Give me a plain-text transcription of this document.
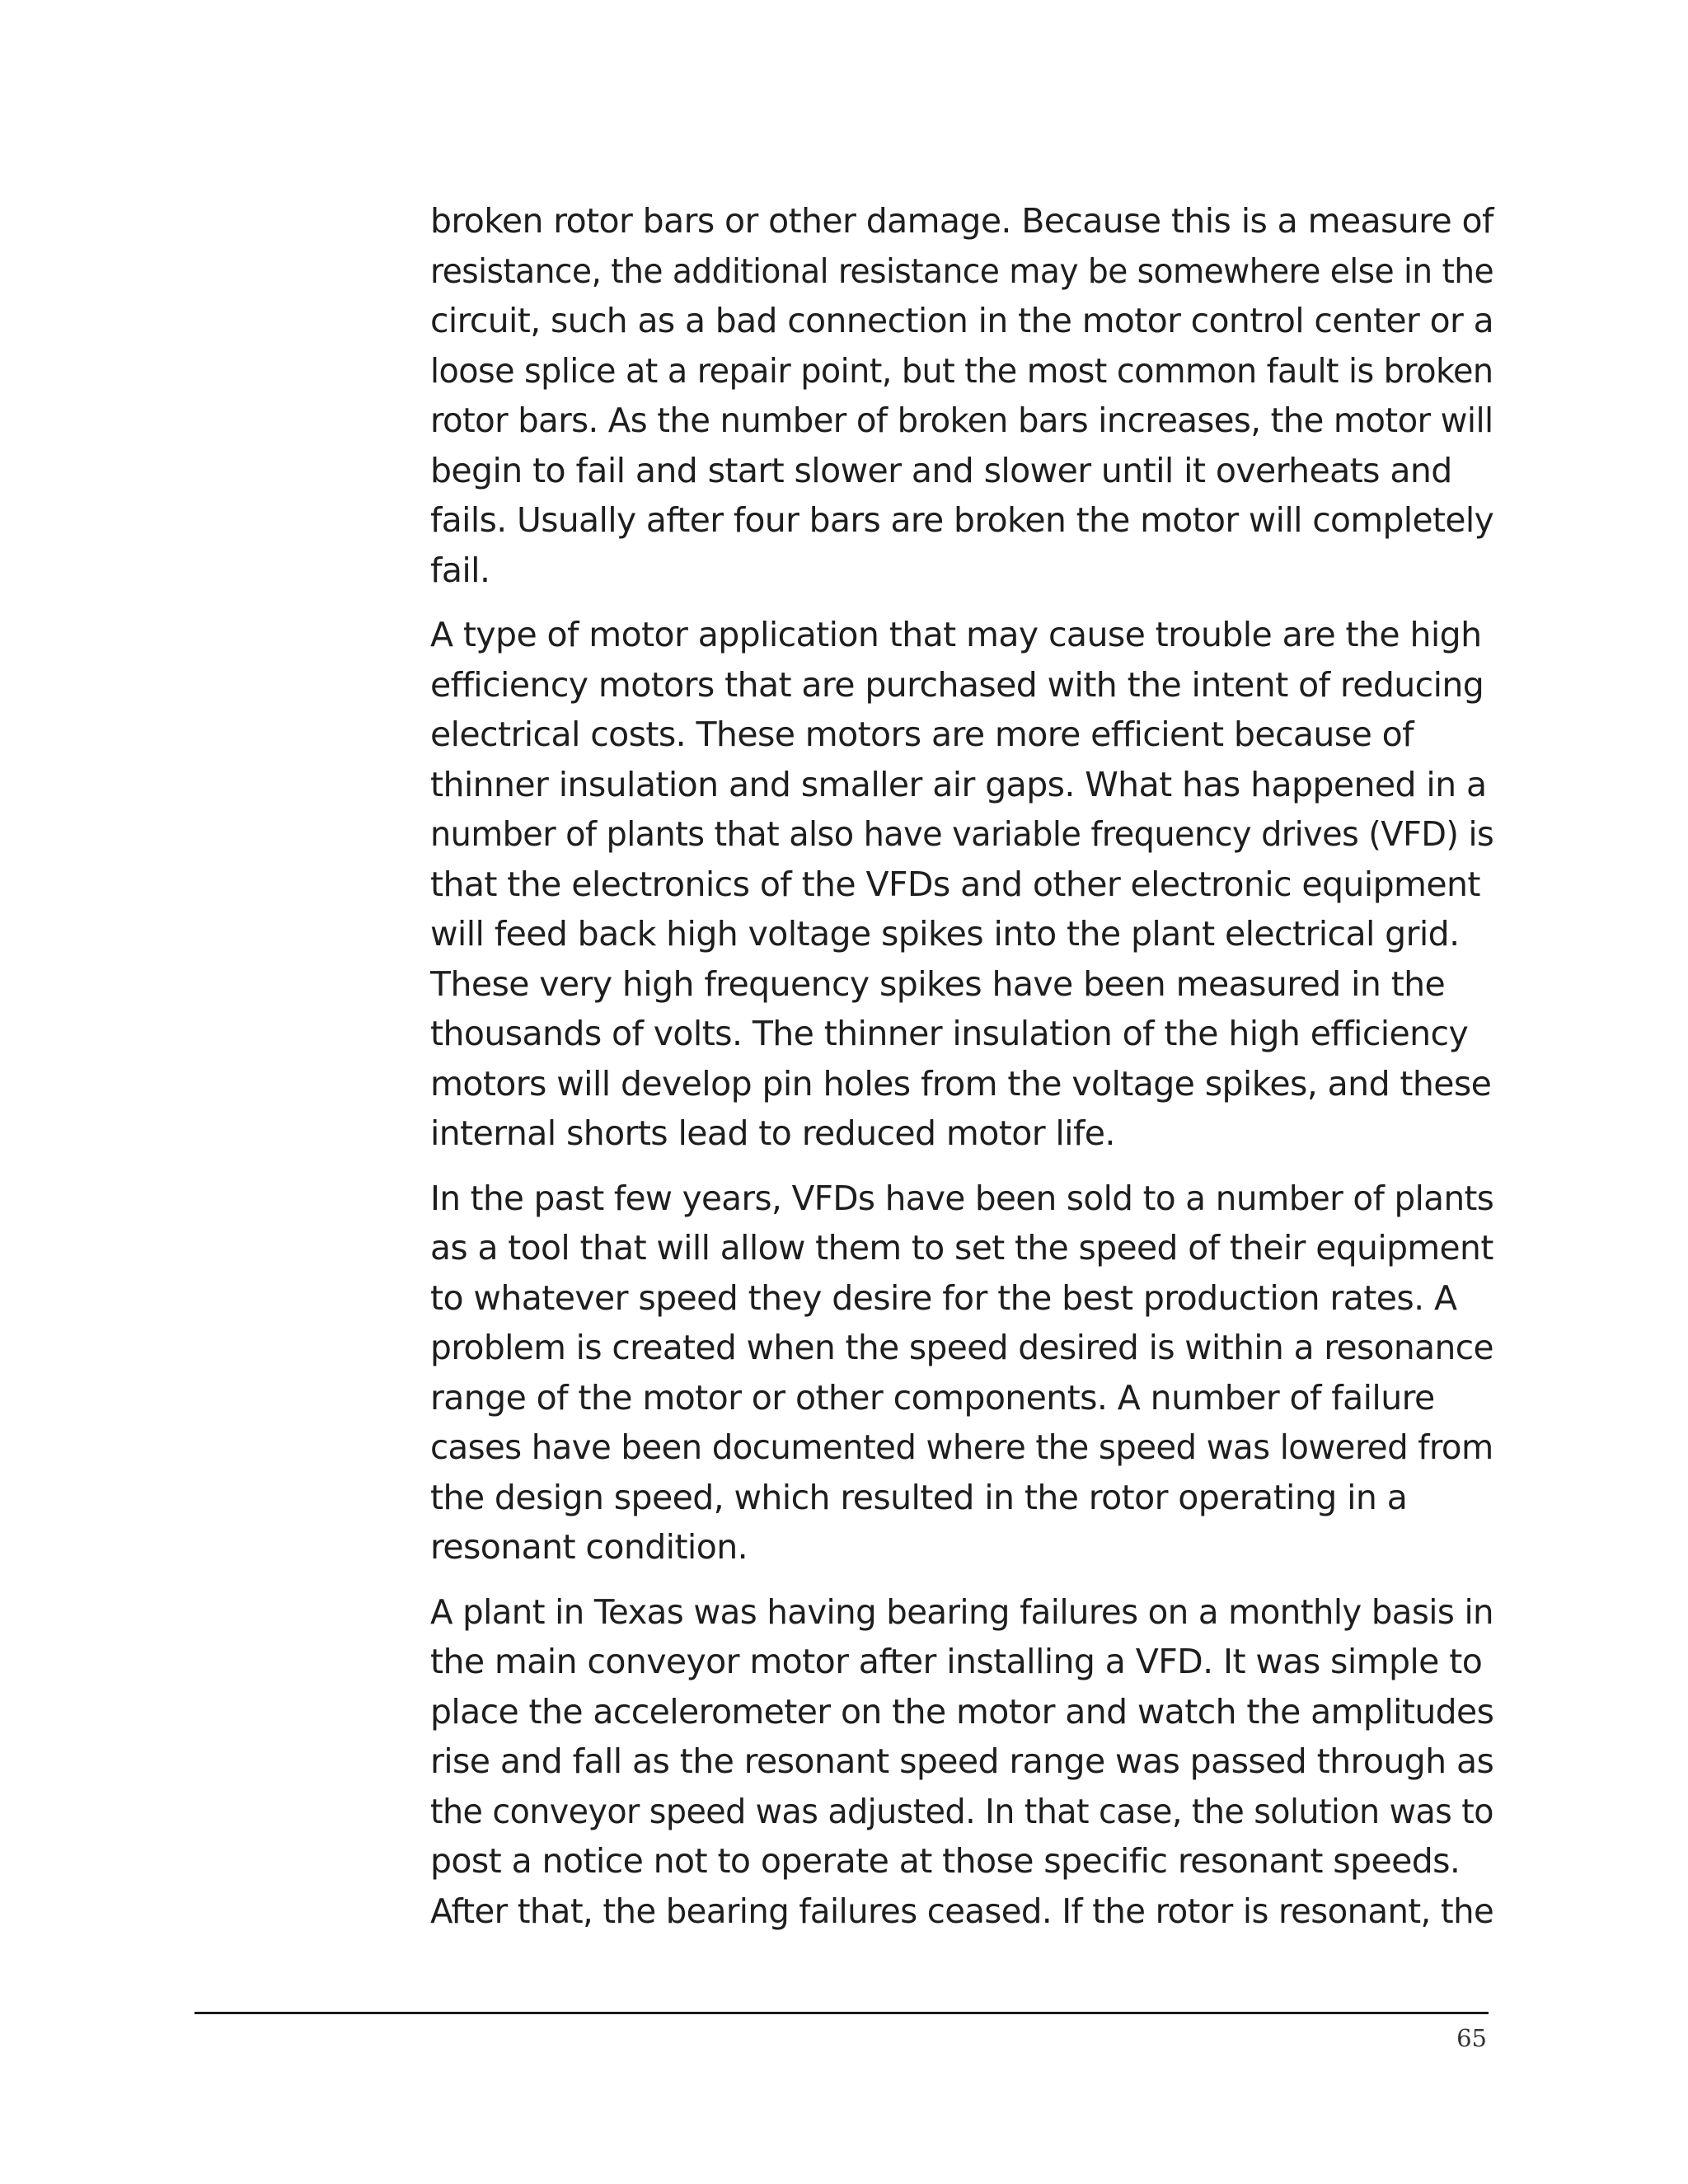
broken rotor bars or other damage. Because this is a measure of
resistance, the additional resistance may be somewhere else in the
circuit, such as a bad connection in the motor control center or a
loose splice at a repair point, but the most common fault is broken
rotor bars. As the number of broken bars increases, the motor will
begin to fail and start slower and slower until it overheats and
fails. Usually after four bars are broken the motor will completely
fail.

A type of motor application that may cause trouble are the high
efficiency motors that are purchased with the intent of reducing
electrical costs. These motors are more efficient because of
thinner insulation and smaller air gaps. What has happened in a
number of plants that also have variable frequency drives (VFD) is
that the electronics of the VFDs and other electronic equipment
will feed back high voltage spikes into the plant electrical grid.
These very high frequency spikes have been measured in the
thousands of volts. The thinner insulation of the high efficiency
motors will develop pin holes from the voltage spikes, and these
internal shorts lead to reduced motor life.

In the past few years, VFDs have been sold to a number of plants
as a tool that will allow them to set the speed of their equipment
to whatever speed they desire for the best production rates. A
problem is created when the speed desired is within a resonance
range of the motor or other components. A number of failure
cases have been documented where the speed was lowered from
the design speed, which resulted in the rotor operating in a
resonant condition.

A plant in Texas was having bearing failures on a monthly basis in
the main conveyor motor after installing a VFD. It was simple to
place the accelerometer on the motor and watch the amplitudes
rise and fall as the resonant speed range was passed through as
the conveyor speed was adjusted. In that case, the solution was to
post a notice not to operate at those specific resonant speeds.
After that, the bearing failures ceased. If the rotor is resonant, the

65
